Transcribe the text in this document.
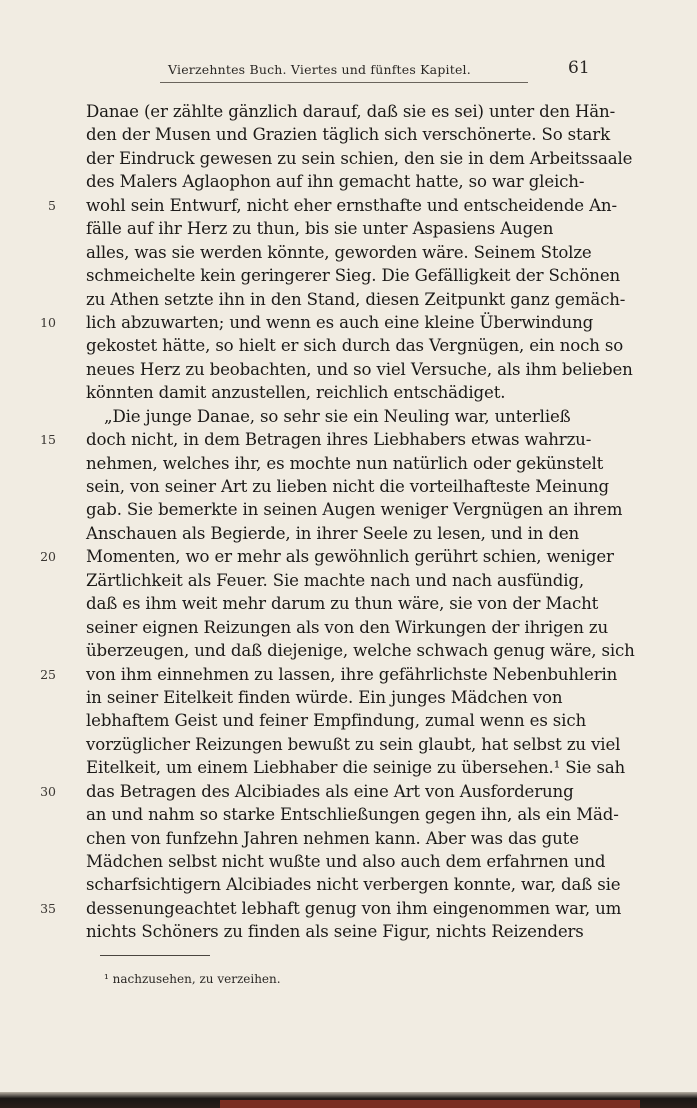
Vierzehntes Buch. Viertes und fünftes Kapitel.	61
Danae (er zählte gänzlich darauf, daß sie es sei) unter den Hän-
den der Musen und Grazien täglich sich verschönerte. So stark
der Eindruck gewesen zu sein schien, den sie in dem Arbeitssaale
des Malers Aglaophon auf ihn gemacht hatte, so war gleich-
5 wohl sein Entwurf, nicht eher ernsthafte und entscheidende An-
fälle auf ihr Herz zu thun, bis sie unter Aspasiens Augen
alles, was sie werden könnte, geworden wäre. Seinem Stolze
schmeichelte kein geringerer Sieg. Die Gefälligkeit der Schönen
zu Athen setzte ihn in den Stand, diesen Zeitpunkt ganz gemäch-
10 lich abzuwarten; und wenn es auch eine kleine Überwindung
gekostet hätte, so hielt er sich durch das Vergnügen, ein noch so
neues Herz zu beobachten, und so viel Versuche, als ihm belieben
könnten damit anzustellen, reichlich entschädiget.
„Die junge Danae, so sehr sie ein Neuling war, unterließ
15 doch nicht, in dem Betragen ihres Liebhabers etwas wahrzu-
nehmen, welches ihr, es mochte nun natürlich oder gekünstelt
sein, von seiner Art zu lieben nicht die vorteilhafteste Meinung
gab. Sie bemerkte in seinen Augen weniger Vergnügen an ihrem
Anschauen als Begierde, in ihrer Seele zu lesen, und in den
20 Momenten, wo er mehr als gewöhnlich gerührt schien, weniger
Zärtlichkeit als Feuer. Sie machte nach und nach ausfündig,
daß es ihm weit mehr darum zu thun wäre, sie von der Macht
seiner eignen Reizungen als von den Wirkungen der ihrigen zu
überzeugen, und daß diejenige, welche schwach genug wäre, sich
25 von ihm einnehmen zu lassen, ihre gefährlichste Nebenbuhlerin
in seiner Eitelkeit finden würde. Ein junges Mädchen von
lebhaftem Geist und feiner Empfindung, zumal wenn es sich
vorzüglicher Reizungen bewußt zu sein glaubt, hat selbst zu viel
Eitelkeit, um einem Liebhaber die seinige zu übersehen.¹ Sie sah
30 das Betragen des Alcibiades als eine Art von Ausforderung
an und nahm so starke Entschließungen gegen ihn, als ein Mäd-
chen von funfzehn Jahren nehmen kann. Aber was das gute
Mädchen selbst nicht wußte und also auch dem erfahrnen und
scharfsichtigern Alcibiades nicht verbergen konnte, war, daß sie
35 dessenungeachtet lebhaft genug von ihm eingenommen war, um
nichts Schöners zu finden als seine Figur, nichts Reizenders
¹ nachzusehen, zu verzeihen.
